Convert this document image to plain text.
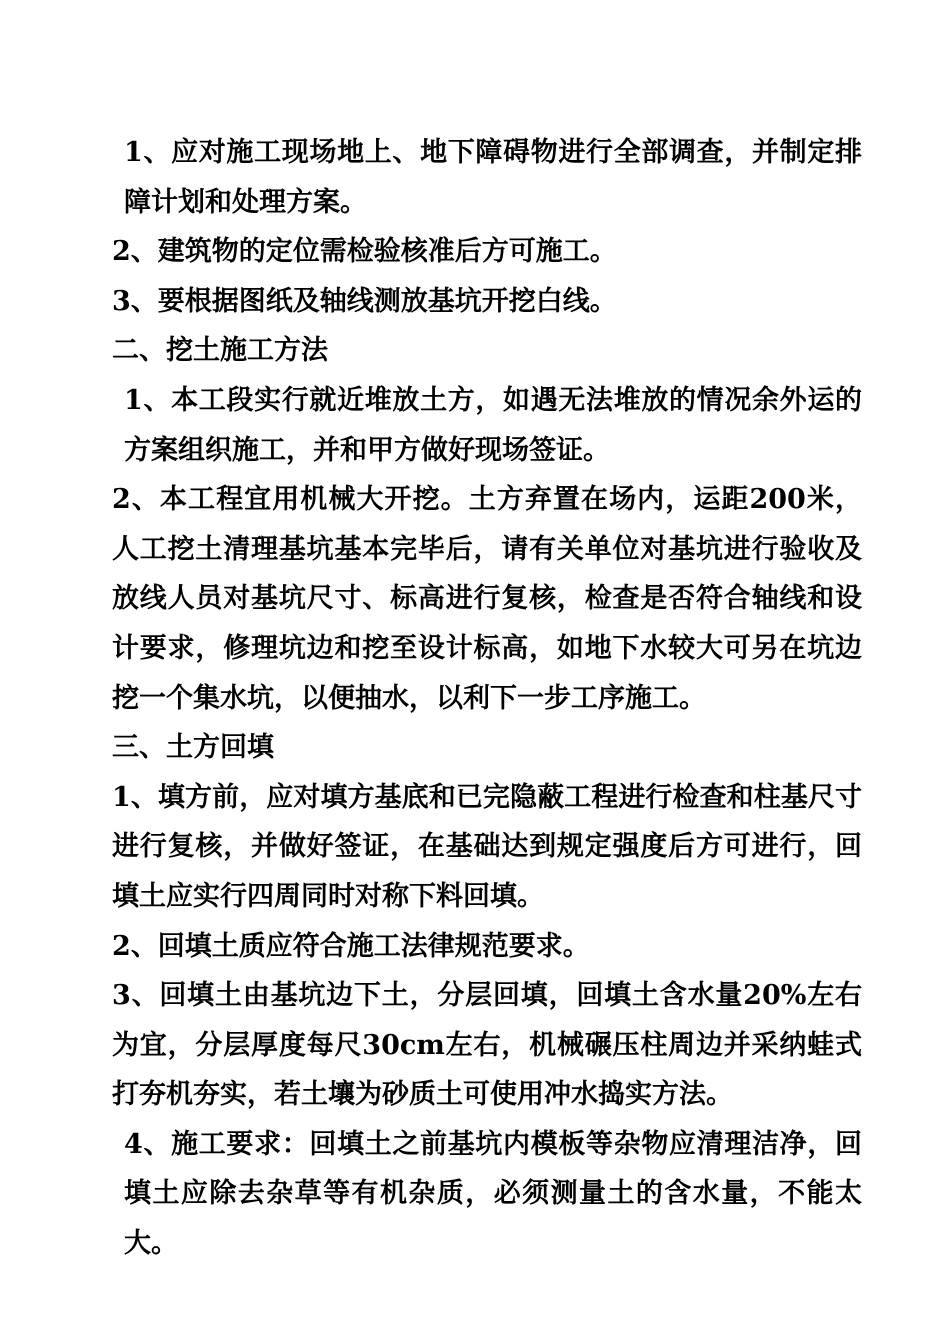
1、应对施工现场地上、地下障碍物进行全部调查，并制定排障计划和处理方案。

2、建筑物的定位需检验核准后方可施工。

3、要根据图纸及轴线测放基坑开挖白线。

二、挖土施工方法

1、本工段实行就近堆放土方，如遇无法堆放的情况余外运的方案组织施工，并和甲方做好现场签证。

2、本工程宜用机械大开挖。土方弃置在场内，运距200米，人工挖土清理基坑基本完毕后，请有关单位对基坑进行验收及放线人员对基坑尺寸、标高进行复核，检查是否符合轴线和设计要求，修理坑边和挖至设计标高，如地下水较大可另在坑边挖一个集水坑，以便抽水，以利下一步工序施工。

三、土方回填

1、填方前，应对填方基底和已完隐蔽工程进行检查和柱基尺寸进行复核，并做好签证，在基础达到规定强度后方可进行，回填土应实行四周同时对称下料回填。

2、回填土质应符合施工法律规范要求。

3、回填土由基坑边下土，分层回填，回填土含水量20%左右为宜，分层厚度每尺30cm左右，机械碾压柱周边并采纳蛙式打夯机夯实，若土壤为砂质土可使用冲水捣实方法。

4、施工要求：回填土之前基坑内模板等杂物应清理洁净，回填土应除去杂草等有机杂质，必须测量土的含水量，不能太大。
